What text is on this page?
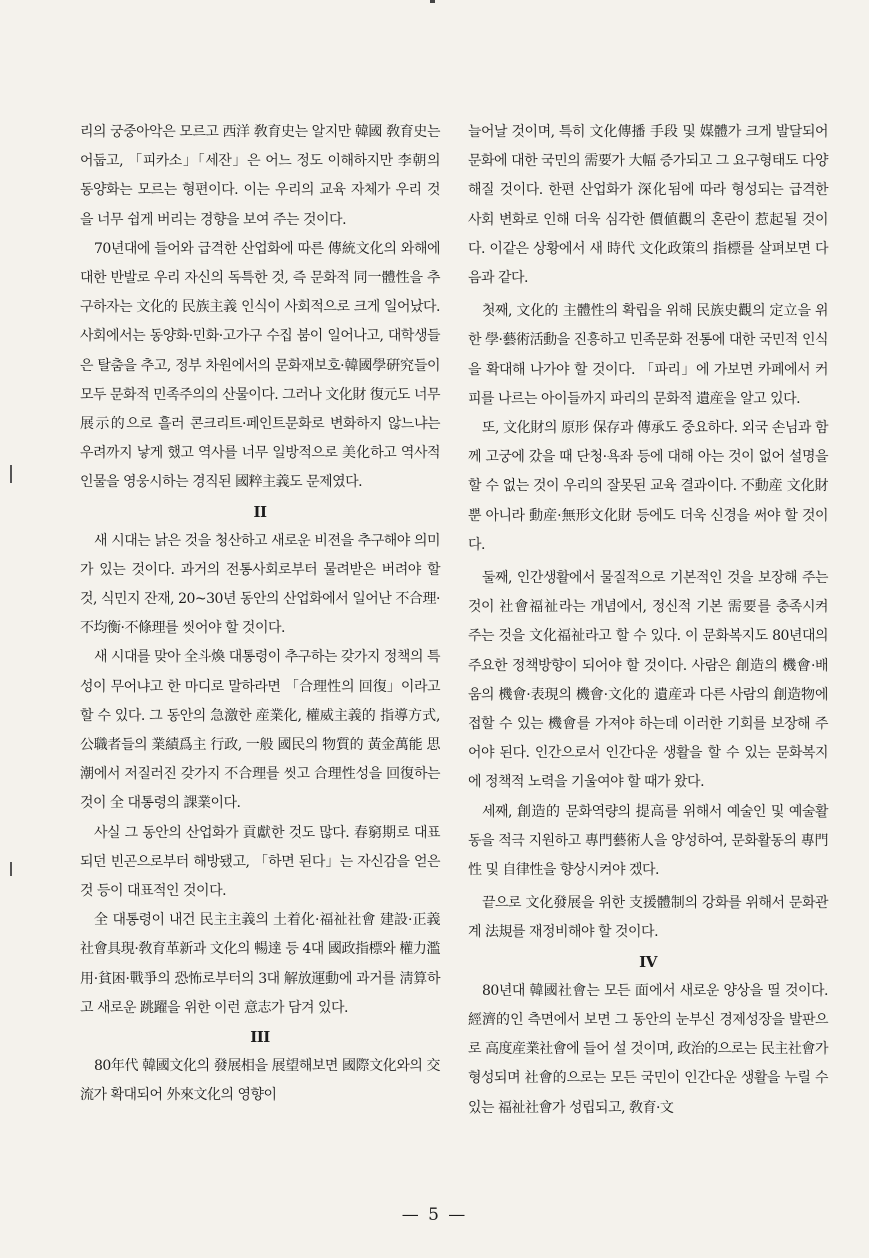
리의 궁중아악은 모르고 西洋 敎育史는 알지만 韓國 敎育史는 어둡고, 「피카소」「세잔」은 어느 정도 이해하지만 李朝의 동양화는 모르는 형편이다. 이는 우리의 교육 자체가 우리 것을 너무 쉽게 버리는 경향을 보여 주는 것이다.

70년대에 들어와 급격한 산업화에 따른 傳統文化의 와해에 대한 반발로 우리 자신의 독특한 것, 즉 문화적 同一體性을 추구하자는 文化的 民族主義 인식이 사회적으로 크게 일어났다. 사회에서는 동양화·민화·고가구 수집 붐이 일어나고, 대학생들은 탈춤을 추고, 정부 차원에서의 문화재보호·韓國學硏究들이 모두 문화적 민족주의의 산물이다. 그러나 文化財 復元도 너무 展示的으로 흘러 콘크리트·페인트문화로 변화하지 않느냐는 우려까지 낳게 했고 역사를 너무 일방적으로 美化하고 역사적 인물을 영웅시하는 경직된 國粹主義도 문제였다.

II

새 시대는 낡은 것을 청산하고 새로운 비젼을 추구해야 의미가 있는 것이다. 과거의 전통사회로부터 물려받은 버려야 할 것, 식민지 잔재, 20~30년 동안의 산업화에서 일어난 不合理·不均衡·不條理를 씻어야 할 것이다.

새 시대를 맞아 全斗煥 대통령이 추구하는 갖가지 정책의 특성이 무어냐고 한 마디로 말하라면 「合理性의 回復」이라고 할 수 있다. 그 동안의 急激한 産業化, 權威主義的 指導方式, 公職者들의 業績爲主 行政, 一般 國民의 物質的 黃金萬能 思潮에서 저질러진 갖가지 不合理를 씻고 合理性성을 回復하는 것이 全 대통령의 課業이다.

사실 그 동안의 산업화가 貢獻한 것도 많다. 春窮期로 대표되던 빈곤으로부터 해방됐고, 「하면 된다」는 자신감을 얻은 것 등이 대표적인 것이다.

全 대통령이 내건 民主主義의 土着化·福祉社會 建設·正義社會具現·敎育革新과 文化의 暢達 등 4대 國政指標와 權力濫用·貧困·戰爭의 恐怖로부터의 3대 解放運動에 과거를 淸算하고 새로운 跳躍을 위한 이런 意志가 담겨 있다.

III

80年代 韓國文化의 發展相을 展望해보면 國際文化와의 交流가 확대되어 外來文化의 영향이

늘어날 것이며, 특히 文化傳播 手段 및 媒體가 크게 발달되어 문화에 대한 국민의 需要가 大幅 증가되고 그 요구형태도 다양해질 것이다. 한편 산업화가 深化됨에 따라 형성되는 급격한 사회 변화로 인해 더욱 심각한 價値觀의 혼란이 惹起될 것이다. 이같은 상황에서 새 時代 文化政策의 指標를 살펴보면 다음과 같다.

첫째, 文化的 主體性의 확립을 위해 民族史觀의 定立을 위한 學·藝術活動을 진흥하고 민족문화 전통에 대한 국민적 인식을 확대해 나가야 할 것이다. 「파리」에 가보면 카페에서 커피를 나르는 아이들까지 파리의 문화적 遺産을 알고 있다.

또, 文化財의 原形 保存과 傳承도 중요하다. 외국 손님과 함께 고궁에 갔을 때 단청·욕좌 등에 대해 아는 것이 없어 설명을 할 수 없는 것이 우리의 잘못된 교육 결과이다. 不動産 文化財뿐 아니라 動産·無形文化財 등에도 더욱 신경을 써야 할 것이다.

둘째, 인간생활에서 물질적으로 기본적인 것을 보장해 주는 것이 社會福祉라는 개념에서, 정신적 기본 需要를 충족시켜 주는 것을 文化福祉라고 할 수 있다. 이 문화복지도 80년대의 주요한 정책방향이 되어야 할 것이다. 사람은 創造의 機會·배움의 機會·表現의 機會·文化的 遺産과 다른 사람의 創造物에 접할 수 있는 機會를 가져야 하는데 이러한 기회를 보장해 주어야 된다. 인간으로서 인간다운 생활을 할 수 있는 문화복지에 정책적 노력을 기울여야 할 때가 왔다.

세째, 創造的 문화역량의 提高를 위해서 예술인 및 예술활동을 적극 지원하고 專門藝術人을 양성하여, 문화활동의 專門性 및 自律性을 향상시켜야 겠다.

끝으로 文化發展을 위한 支援體制의 강화를 위해서 문화관계 法規를 재정비해야 할 것이다.

IV

80년대 韓國社會는 모든 面에서 새로운 양상을 띨 것이다. 經濟的인 측면에서 보면 그 동안의 눈부신 경제성장을 발판으로 高度産業社會에 들어 설 것이며, 政治的으로는 民主社會가 형성되며 社會的으로는 모든 국민이 인간다운 생활을 누릴 수 있는 福祉社會가 성립되고, 敎育·文

— 5 —
